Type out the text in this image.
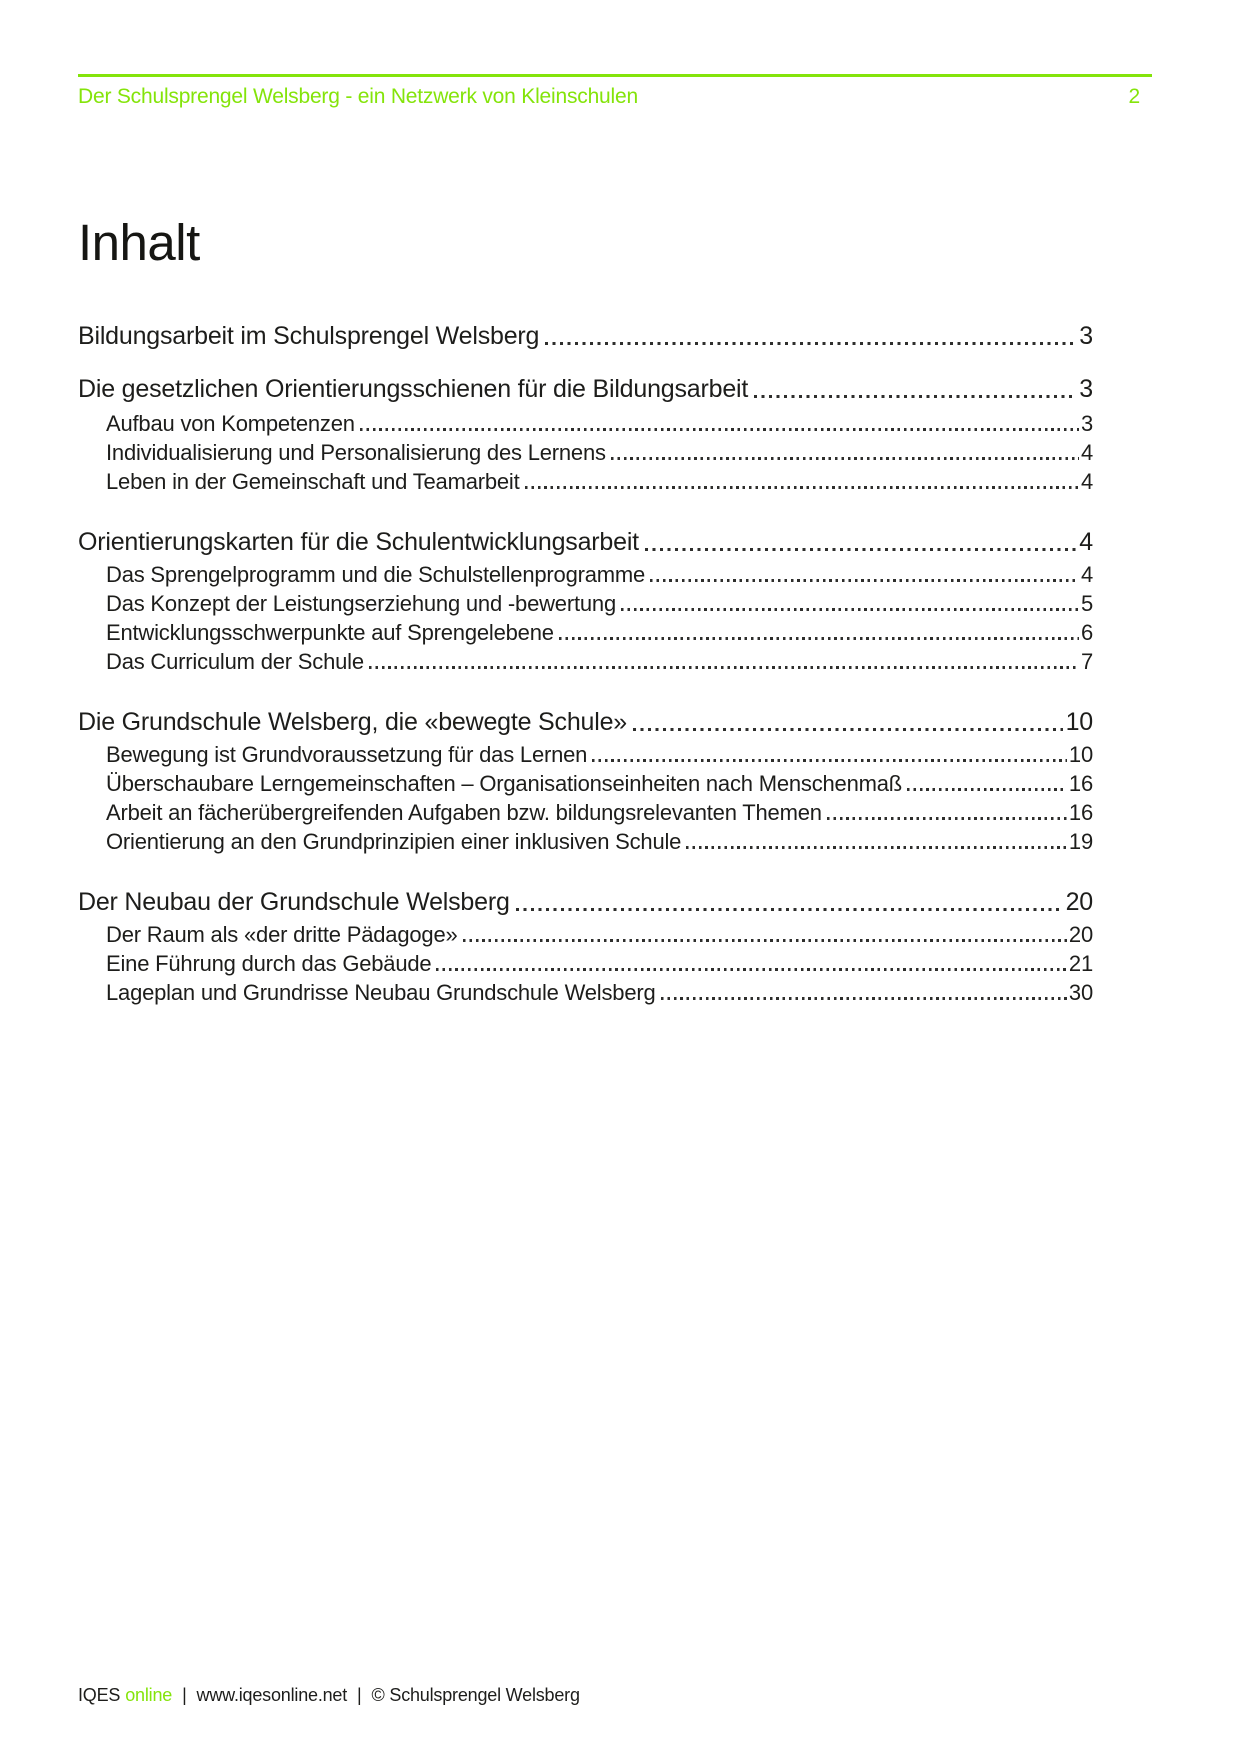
Der Schulsprengel Welsberg - ein Netzwerk von Kleinschulen	2
Inhalt
Bildungsarbeit im Schulsprengel Welsberg	3
Die gesetzlichen Orientierungsschienen für die Bildungsarbeit	3
Aufbau von Kompetenzen	3
Individualisierung und Personalisierung des Lernens	4
Leben in der Gemeinschaft und Teamarbeit	4
Orientierungskarten für die Schulentwicklungsarbeit	4
Das Sprengelprogramm und die Schulstellenprogramme	4
Das Konzept der Leistungserziehung und -bewertung	5
Entwicklungsschwerpunkte auf Sprengelebene	6
Das Curriculum der Schule	7
Die Grundschule Welsberg, die «bewegte Schule»	10
Bewegung ist Grundvoraussetzung für das Lernen	10
Überschaubare Lerngemeinschaften – Organisationseinheiten nach Menschenmaß	16
Arbeit an fächerübergreifenden Aufgaben bzw. bildungsrelevanten Themen	16
Orientierung an den Grundprinzipien einer inklusiven Schule	19
Der Neubau der Grundschule Welsberg	20
Der Raum als «der dritte Pädagoge»	20
Eine Führung durch das Gebäude	21
Lageplan und Grundrisse Neubau Grundschule Welsberg	30
IQES online | www.iqesonline.net | © Schulsprengel Welsberg
